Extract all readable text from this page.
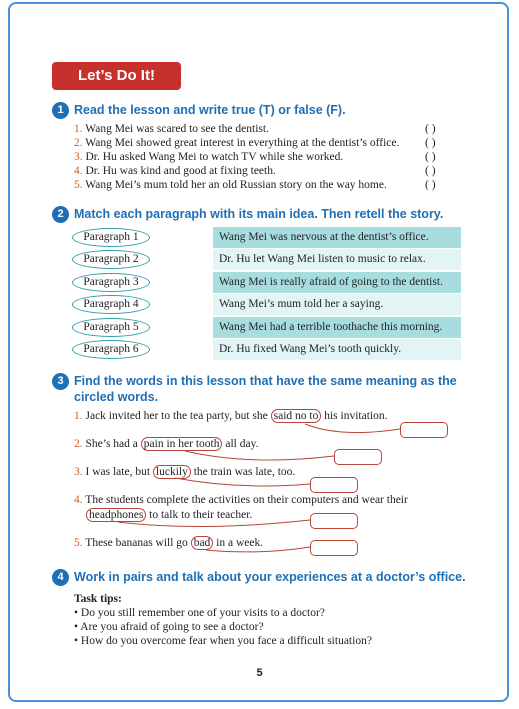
Let’s Do It!
1 Read the lesson and write true (T) or false (F).
1. Wang Mei was scared to see the dentist.
2. Wang Mei showed great interest in everything at the dentist’s office.
3. Dr. Hu asked Wang Mei to watch TV while she worked.
4. Dr. Hu was kind and good at fixing teeth.
5. Wang Mei’s mum told her an old Russian story on the way home.
( )
( )
( )
( )
( )
2 Match each paragraph with its main idea. Then retell the story.
Paragraph 1
Paragraph 2
Paragraph 3
Paragraph 4
Paragraph 5
Paragraph 6
Wang Mei was nervous at the dentist’s office.
Dr. Hu let Wang Mei listen to music to relax.
Wang Mei is really afraid of going to the dentist.
Wang Mei’s mum told her a saying.
Wang Mei had a terrible toothache this morning.
Dr. Hu fixed Wang Mei’s tooth quickly.
3 Find the words in this lesson that have the same meaning as the circled words.
1. Jack invited her to the tea party, but she said no to his invitation.
2. She’s had a pain in her tooth all day.
3. I was late, but luckily the train was late, too.
4. The students complete the activities on their computers and wear their
headphones to talk to their teacher.
5. These bananas will go bad in a week.
4 Work in pairs and talk about your experiences at a doctor’s office.
Task tips:
• Do you still remember one of your visits to a doctor?
• Are you afraid of going to see a doctor?
• How do you overcome fear when you face a difficult situation?
5
